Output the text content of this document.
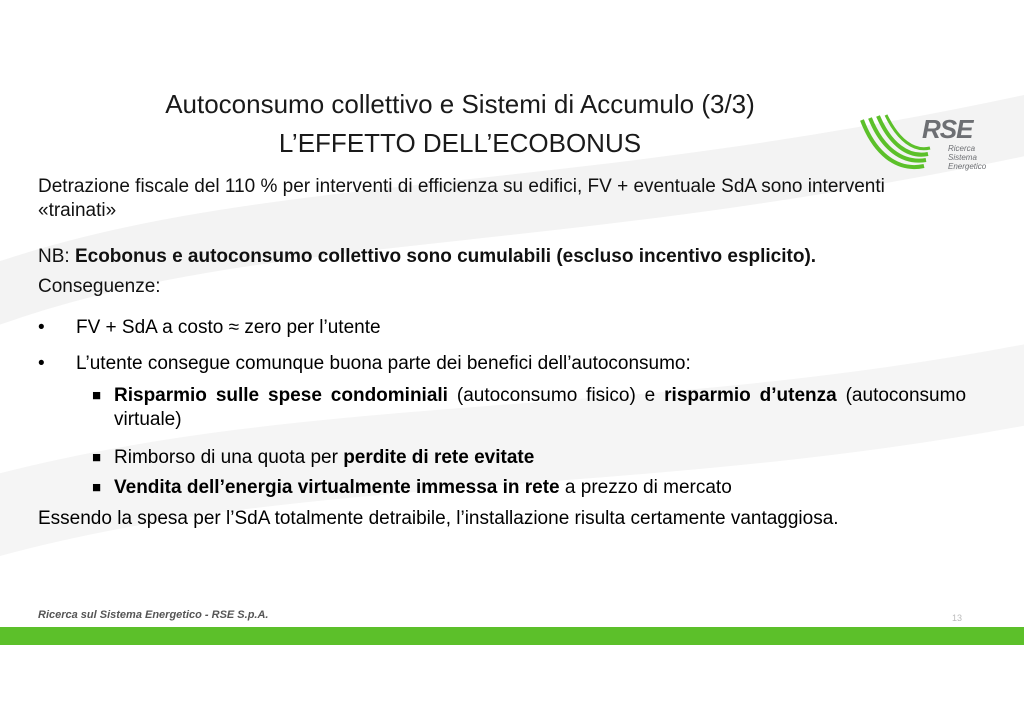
Autoconsumo collettivo e Sistemi di Accumulo (3/3)
L’EFFETTO DELL’ECOBONUS	RSE
Ricerca
Sistema
Energetico
Detrazione fiscale del 110 % per interventi di efficienza su edifici, FV + eventuale SdA sono interventi «trainati»
NB: Ecobonus e autoconsumo collettivo sono cumulabili (escluso incentivo esplicito).
Conseguenze:
• FV + SdA a costo ≈ zero per l’utente
• L’utente consegue comunque buona parte dei benefici dell’autoconsumo:
■ Risparmio sulle spese condominiali (autoconsumo fisico) e risparmio d’utenza (autoconsumo virtuale)
■ Rimborso di una quota per perdite di rete evitate
■ Vendita dell’energia virtualmente immessa in rete a prezzo di mercato
Essendo la spesa per l’SdA totalmente detraibile, l’installazione risulta certamente vantaggiosa.
Ricerca sul Sistema Energetico - RSE S.p.A.	13
